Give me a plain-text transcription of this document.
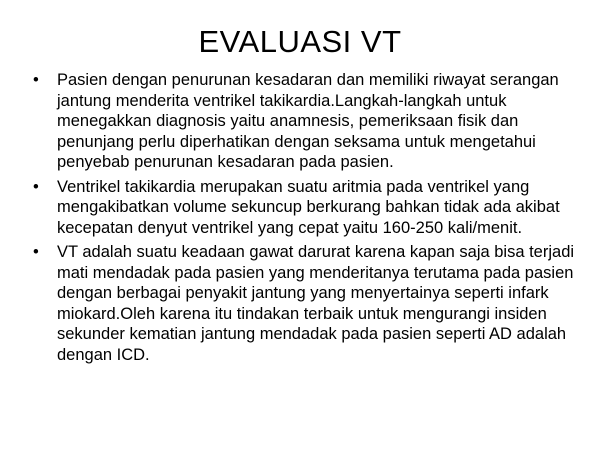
EVALUASI VT
•	Pasien dengan penurunan kesadaran dan memiliki riwayat serangan jantung menderita ventrikel takikardia.Langkah-langkah untuk menegakkan diagnosis yaitu anamnesis, pemeriksaan fisik dan penunjang perlu diperhatikan dengan seksama untuk mengetahui penyebab penurunan kesadaran pada pasien.
•	Ventrikel takikardia merupakan suatu aritmia pada ventrikel yang mengakibatkan volume sekuncup berkurang bahkan tidak ada akibat kecepatan denyut ventrikel yang cepat yaitu 160-250 kali/menit.
•	VT adalah suatu keadaan gawat darurat karena kapan saja bisa terjadi mati mendadak pada pasien yang menderitanya terutama pada pasien dengan berbagai penyakit jantung yang menyertainya seperti infark miokard.Oleh karena itu tindakan terbaik untuk mengurangi insiden sekunder kematian jantung mendadak pada pasien seperti AD adalah dengan ICD.
